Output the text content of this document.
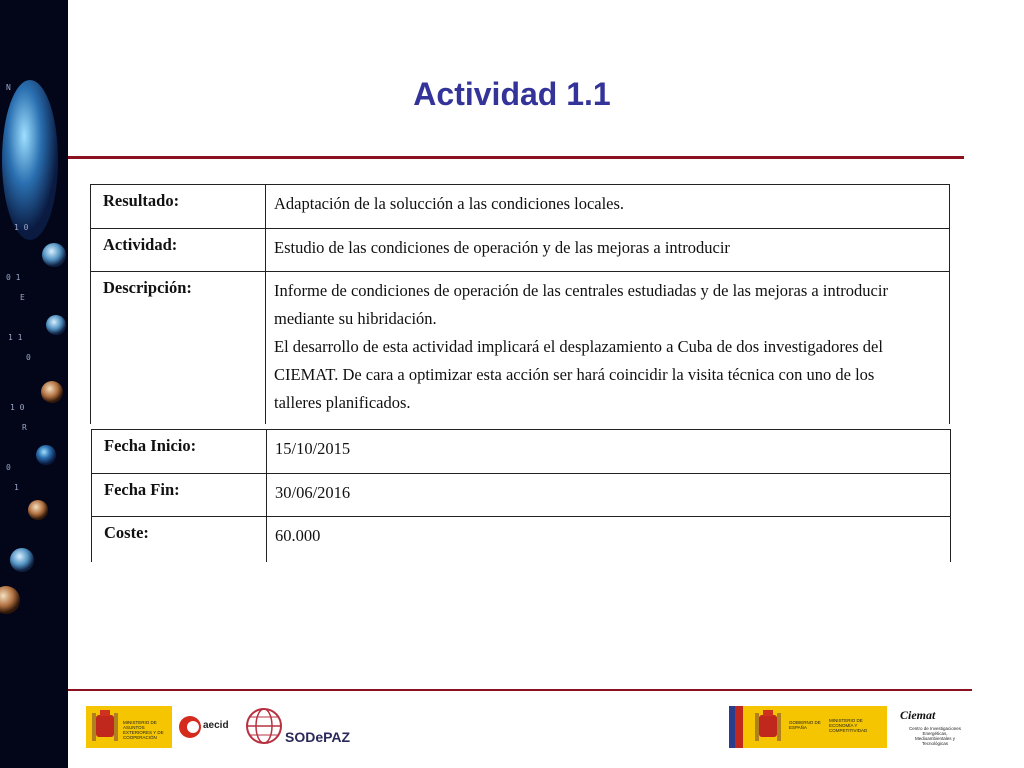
N
1 0
0 1
E
1 1
0
1 0
R
0
1
Actividad 1.1
Resultado:	Adaptación de la solucción a las condiciones locales.
Actividad:	Estudio de las condiciones de operación y de las mejoras a introducir
Descripción:	Informe de condiciones de operación de las centrales estudiadas y de las mejoras a introducir
mediante su hibridación.
El desarrollo de esta actividad implicará el desplazamiento a Cuba de dos investigadores del
CIEMAT. De cara a optimizar esta acción ser hará coincidir la visita técnica con uno de los
talleres planificados.
Fecha Inicio:	15/10/2015
Fecha Fin:	30/06/2016
Coste:	60.000
MINISTERIO DE ASUNTOS EXTERIORES Y DE COOPERACIÓN
aecid
SODePAZ
GOBIERNO DE ESPAÑA
MINISTERIO DE ECONOMÍA Y COMPETITIVIDAD
Ciemat
Centro de Investigaciones Energéticas, Medioambientales y Tecnológicas
